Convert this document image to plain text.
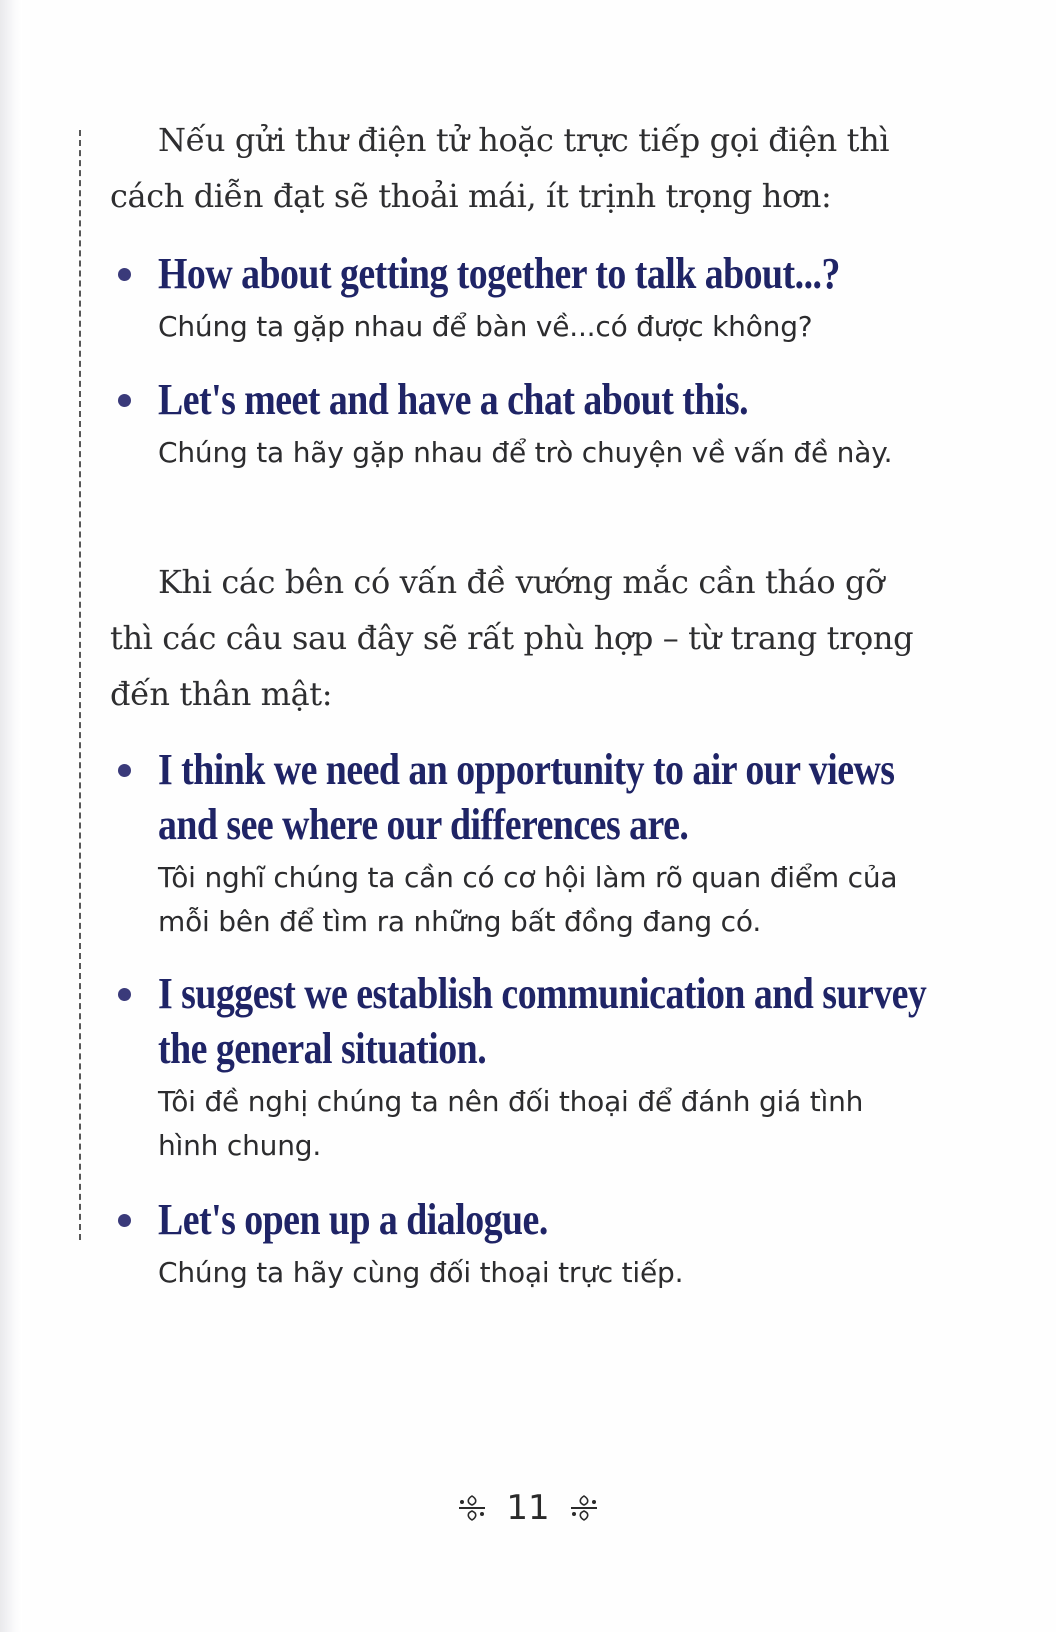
Nếu gửi thư điện tử hoặc trực tiếp gọi điện thì cách diễn đạt sẽ thoải mái, ít trịnh trọng hơn:

How about getting together to talk about...?

Chúng ta gặp nhau để bàn về...có được không?

Let's meet and have a chat about this.

Chúng ta hãy gặp nhau để trò chuyện về vấn đề này.

Khi các bên có vấn đề vướng mắc cần tháo gỡ thì các câu sau đây sẽ rất phù hợp – từ trang trọng đến thân mật:

I think we need an opportunity to air our views and see where our differences are.

Tôi nghĩ chúng ta cần có cơ hội làm rõ quan điểm của mỗi bên để tìm ra những bất đồng đang có.

I suggest we establish communication and survey the general situation.

Tôi đề nghị chúng ta nên đối thoại để đánh giá tình hình chung.

Let's open up a dialogue.

Chúng ta hãy cùng đối thoại trực tiếp.

11
